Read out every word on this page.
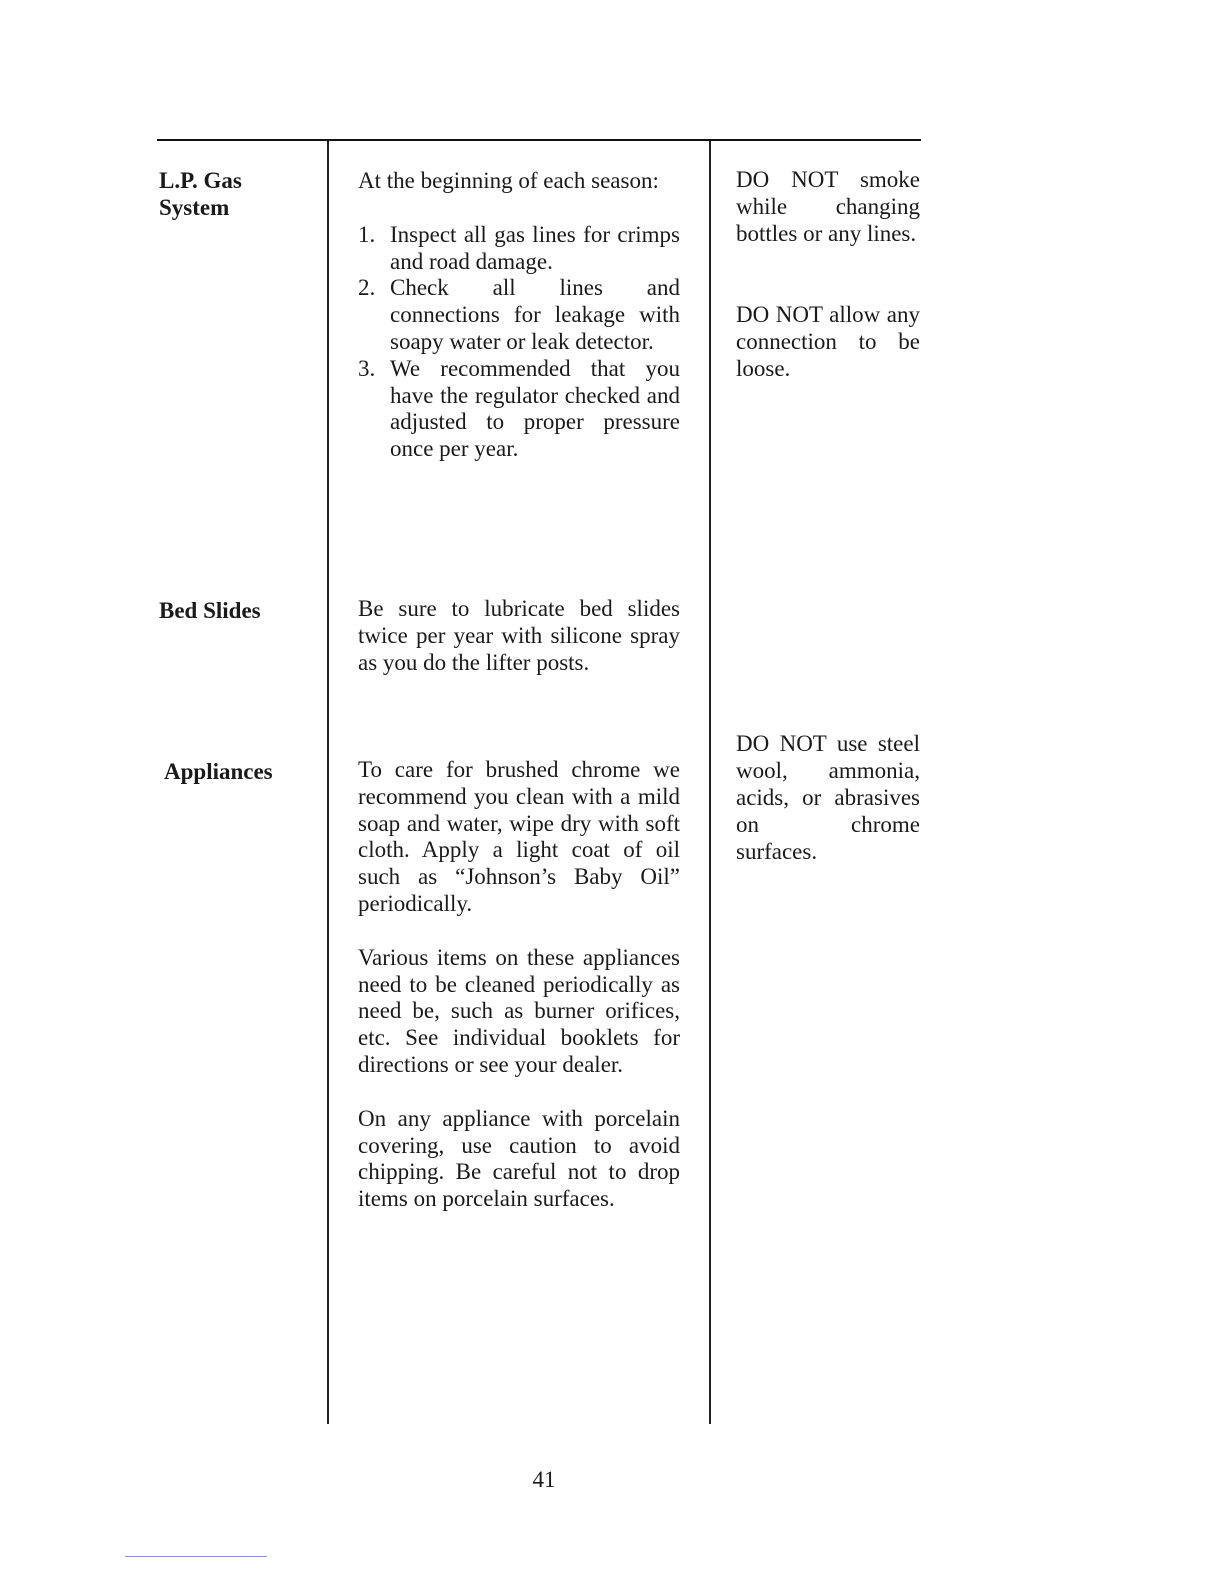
L.P. Gas
System

At the beginning of each season:

1. Inspect all gas lines for crimps and road damage.
2. Check all lines and connections for leakage with soapy water or leak detector.
3. We recommended that you have the regulator checked and adjusted to proper pressure once per year.

DO NOT smoke while changing bottles or any lines.

DO NOT allow any connection to be loose.

Bed Slides	Be sure to lubricate bed slides twice per year with silicone spray as you do the lifter posts.

Appliances	To care for brushed chrome we recommend you clean with a mild soap and water, wipe dry with soft cloth. Apply a light coat of oil such as “Johnson’s Baby Oil” periodically.

Various items on these appliances need to be cleaned periodically as need be, such as burner orifices, etc. See individual booklets for directions or see your dealer.

On any appliance with porcelain covering, use caution to avoid chipping. Be careful not to drop items on porcelain surfaces.

DO NOT use steel wool, ammonia, acids, or abrasives on chrome surfaces.

41
